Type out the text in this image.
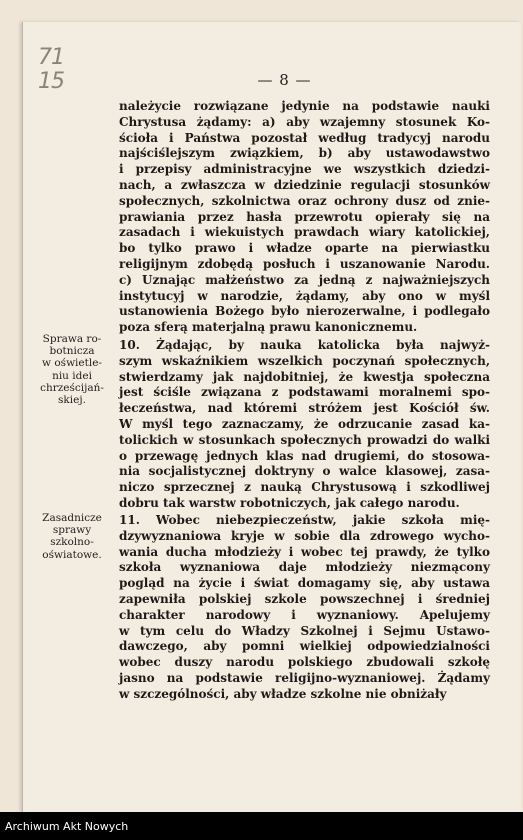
71
15	— 8 —
należycie rozwiązane jedynie na podstawie nauki
Chrystusa żądamy: a) aby wzajemny stosunek Ko-
ścioła i Państwa pozostał według tradycyj narodu
najściślejszym związkiem, b) aby ustawodawstwo
i przepisy administracyjne we wszystkich dziedzi-
nach, a zwłaszcza w dziedzinie regulacji stosunków
społecznych, szkolnictwa oraz ochrony dusz od znie-
prawiania przez hasła przewrotu opierały się na
zasadach i wiekuistych prawdach wiary katolickiej,
bo tylko prawo i władze oparte na pierwiastku
religijnym zdobędą posłuch i uszanowanie Narodu.
c) Uznając małżeństwo za jedną z najważniejszych
instytucyj w narodzie, żądamy, aby ono w myśl
ustanowienia Bożego było nierozerwalne, i podlegało
poza sferą materjalną prawu kanonicznemu.
Sprawa ro-
botnicza
w oświetle-
niu idei
chrześcijań-
skiej.
10. Żądając, by nauka katolicka była najwyż-
szym wskaźnikiem wszelkich poczynań społecznych,
stwierdzamy jak najdobitniej, że kwestja społeczna
jest ściśle związana z podstawami moralnemi spo-
łeczeństwa, nad któremi stróżem jest Kościół św.
W myśl tego zaznaczamy, że odrzucanie zasad ka-
tolickich w stosunkach społecznych prowadzi do walki
o przewagę jednych klas nad drugiemi, do stosowa-
nia socjalistycznej doktryny o walce klasowej, zasa-
niczo sprzecznej z nauką Chrystusową i szkodliwej
dobru tak warstw robotniczych, jak całego narodu.
Zasadnicze
sprawy
szkolno-
oświatowe.
11. Wobec niebezpieczeństw, jakie szkoła mię-
dzywyznaniowa kryje w sobie dla zdrowego wycho-
wania ducha młodzieży i wobec tej prawdy, że tylko
szkoła wyznaniowa daje młodzieży niezmącony
pogląd na życie i świat domagamy się, aby ustawa
zapewniła polskiej szkole powszechnej i średniej
charakter narodowy i wyznaniowy. Apelujemy
w tym celu do Władzy Szkolnej i Sejmu Ustawo-
dawczego, aby pomni wielkiej odpowiedzialności
wobec duszy narodu polskiego zbudowali szkołę
jasno na podstawie religijno-wyznaniowej. Żądamy
w szczególności, aby władze szkolne nie obniżały
Archiwum Akt Nowych
